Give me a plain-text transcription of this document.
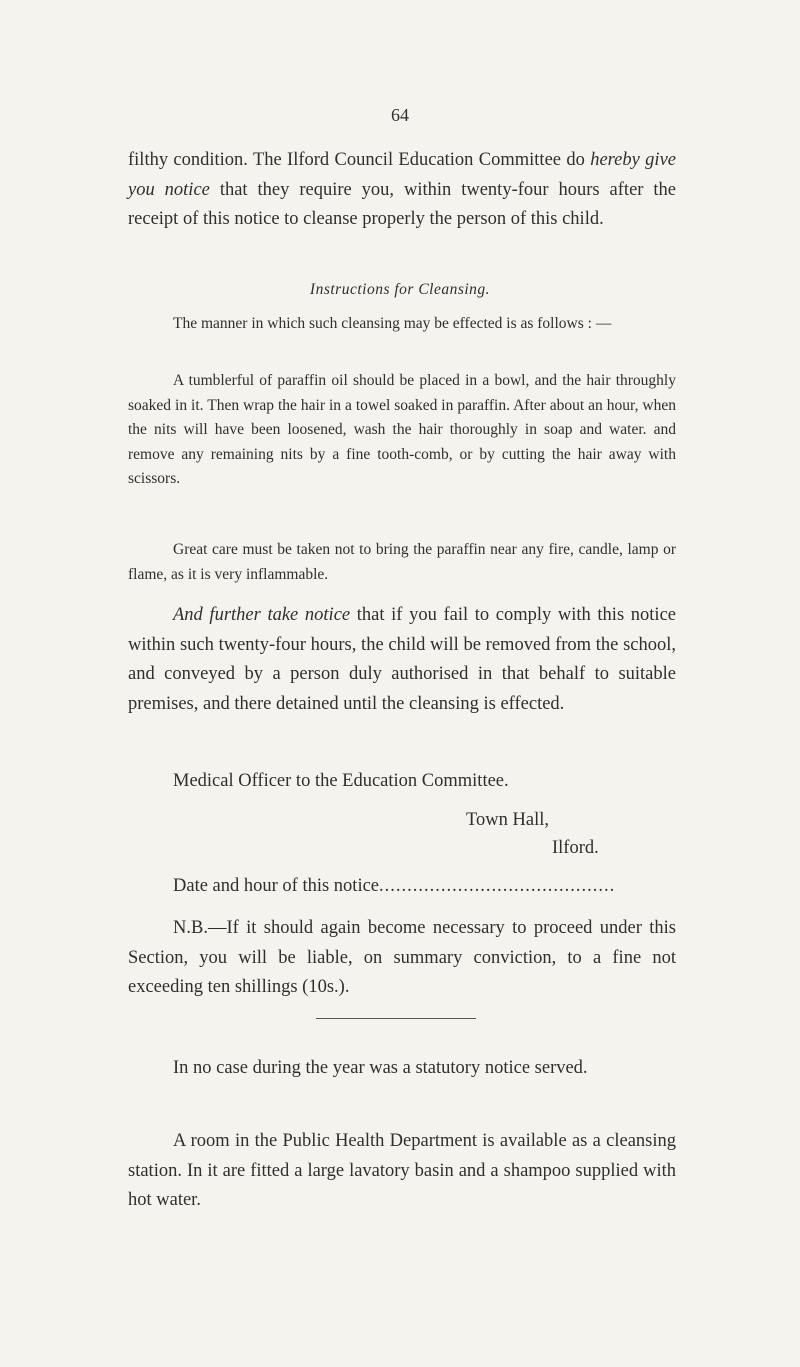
64

filthy condition. The Ilford Council Education Committee do hereby give you notice that they require you, within twenty-four hours after the receipt of this notice to cleanse properly the person of this child.

Instructions for Cleansing.

The manner in which such cleansing may be effected is as follows : —

A tumblerful of paraffin oil should be placed in a bowl, and the hair throughly soaked in it. Then wrap the hair in a towel soaked in paraffin. After about an hour, when the nits will have been loosened, wash the hair thoroughly in soap and water. and remove any remaining nits by a fine tooth-comb, or by cutting the hair away with scissors.

Great care must be taken not to bring the paraffin near any fire, candle, lamp or flame, as it is very inflammable.

And further take notice that if you fail to comply with this notice within such twenty-four hours, the child will be removed from the school, and conveyed by a person duly authorised in that behalf to suitable premises, and there detained until the cleansing is effected.

Medical Officer to the Education Committee.
Town Hall,
Ilford.
Date and hour of this notice..........................................

N.B.—If it should again become necessary to proceed under this Section, you will be liable, on summary conviction, to a fine not exceeding ten shillings (10s.).

In no case during the year was a statutory notice served.

A room in the Public Health Department is available as a cleansing station. In it are fitted a large lavatory basin and a shampoo supplied with hot water.
